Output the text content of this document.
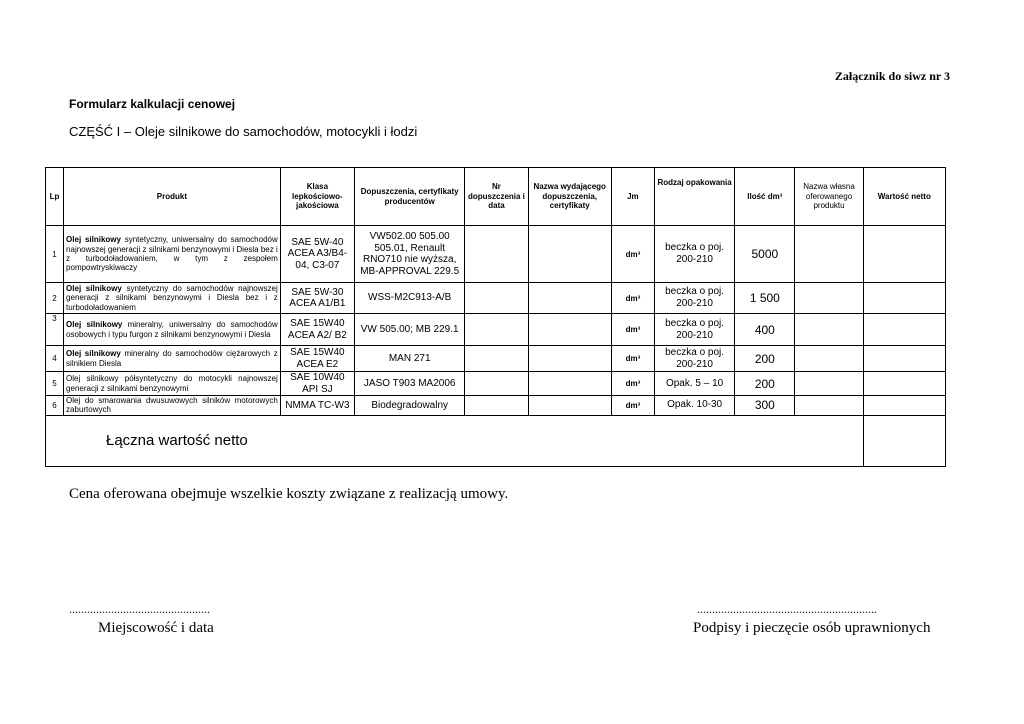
Załącznik do siwz nr 3
Formularz kalkulacji cenowej
CZĘŚĆ I – Oleje silnikowe do samochodów, motocykli i łodzi
Lp	Produkt	Klasa lepkościowo-jakościowa	Dopuszczenia, certyfikaty producentów	Nr dopuszczenia i data	Nazwa wydającego dopuszczenia, certyfikaty	Jm	Rodzaj opakowania	Ilość dm³	Nazwa własna oferowanego produktu	Wartość netto
1	Olej silnikowy syntetyczny, uniwersalny do samochodów najnowszej generacji z silnikami benzynowymi i Diesla bez i z turbodoładowaniem, w tym z zespołem pompowtryskiwaczy	SAE 5W-40 ACEA A3/B4-04, C3-07	VW502.00 505.00 505.01, Renault RNO710 nie wyższa, MB-APPROVAL 229.5			dm³	beczka o poj. 200-210	5000		
2	Olej silnikowy syntetyczny do samochodów najnowszej generacji z silnikami benzynowymi i Diesla bez i z turbodoładowaniem	SAE 5W-30 ACEA A1/B1	WSS-M2C913-A/B			dm³	beczka o poj. 200-210	1 500		
3	Olej silnikowy mineralny, uniwersalny do samochodów osobowych i typu furgon z silnikami benzynowymi i Diesla	SAE 15W40 ACEA A2/ B2	VW 505.00; MB 229.1			dm³	beczka o poj. 200-210	400		
4	Olej silnikowy mineralny do samochodów ciężarowych z silnikiem Diesla	SAE 15W40 ACEA E2	MAN 271			dm³	beczka o poj. 200-210	200		
5	Olej silnikowy półsyntetyczny do motocykli najnowszej generacji z silnikami benzynowymi	SAE 10W40 API SJ	JASO T903 MA2006			dm³	Opak. 5 – 10	200		
6	Olej do smarowania dwusuwowych silników motorowych zaburtowych	NMMA TC-W3	Biodegradowalny			dm³	Opak. 10-30	300		
Łączna wartość netto										
Cena oferowana obejmuje wszelkie koszty związane z realizacją umowy.
...............................................	............................................................
Miejscowość i data	Podpisy i pieczęcie osób uprawnionych
